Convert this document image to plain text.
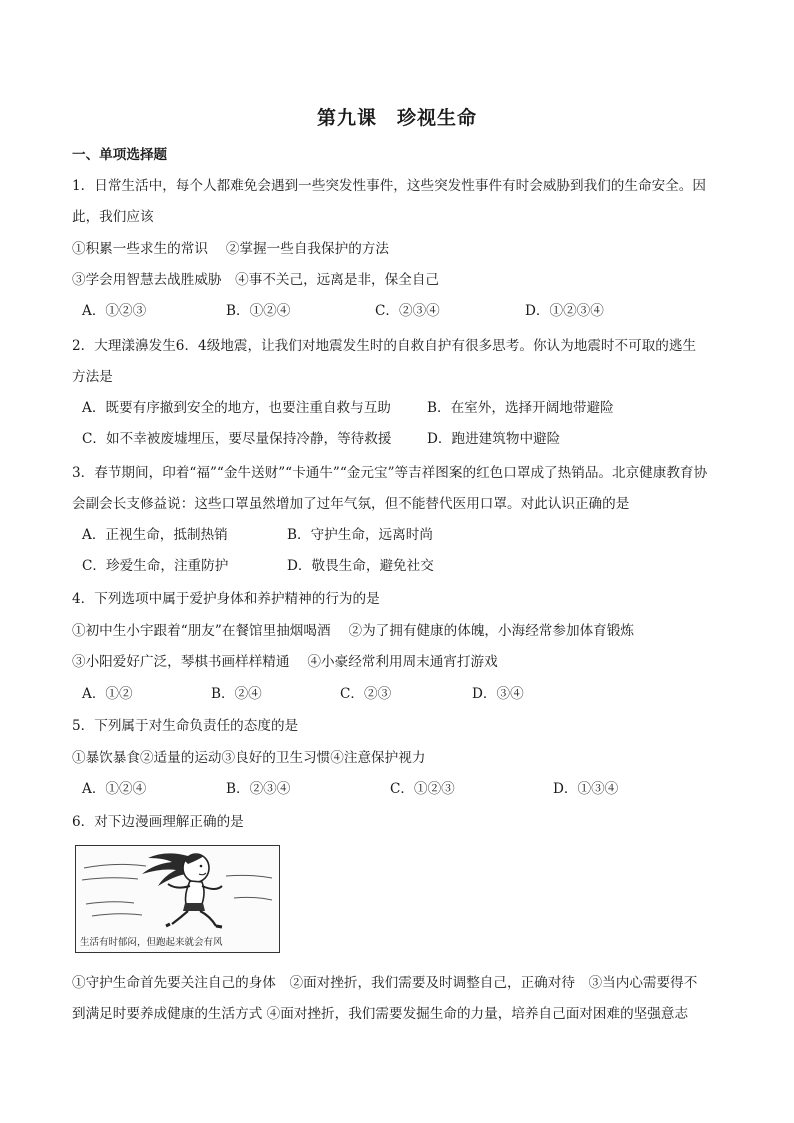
第九课　珍视生命
一、单项选择题
1．日常生活中，每个人都难免会遇到一些突发性事件，这些突发性事件有时会威胁到我们的生命安全。因
此，我们应该
①积累一些求生的常识　 ②掌握一些自我保护的方法
③学会用智慧去战胜威胁　④事不关己，远离是非，保全自己
A．①②③	B．①②④	C．②③④	D．①②③④
2．大理漾濞发生6．4级地震，让我们对地震发生时的自救自护有很多思考。你认为地震时不可取的逃生
方法是
A．既要有序撤到安全的地方，也要注重自救与互助	B．在室外，选择开阔地带避险
C．如不幸被废墟埋压，要尽量保持冷静，等待救援	D．跑进建筑物中避险
3．春节期间，印着“福”“金牛送财”“卡通牛”“金元宝”等吉祥图案的红色口罩成了热销品。北京健康教育协
会副会长支修益说：这些口罩虽然增加了过年气氛，但不能替代医用口罩。对此认识正确的是
A．正视生命，抵制热销	B．守护生命，远离时尚
C．珍爱生命，注重防护	D．敬畏生命，避免社交
4．下列选项中属于爱护身体和养护精神的行为的是
①初中生小宇跟着“朋友”在餐馆里抽烟喝酒　 ②为了拥有健康的体魄，小海经常参加体育锻炼
③小阳爱好广泛，琴棋书画样样精通　 ④小豪经常利用周末通宵打游戏
A．①②	B．②④	C．②③	D．③④
5．下列属于对生命负责任的态度的是
①暴饮暴食②适量的运动③良好的卫生习惯④注意保护视力
A．①②④	B．②③④	C．①②③	D．①③④
6．对下边漫画理解正确的是
生活有时郁闷，但跑起来就会有风
①守护生命首先要关注自己的身体　②面对挫折，我们需要及时调整自己，正确对待　③当内心需要得不
到满足时要养成健康的生活方式 ④面对挫折，我们需要发掘生命的力量，培养自己面对困难的坚强意志
